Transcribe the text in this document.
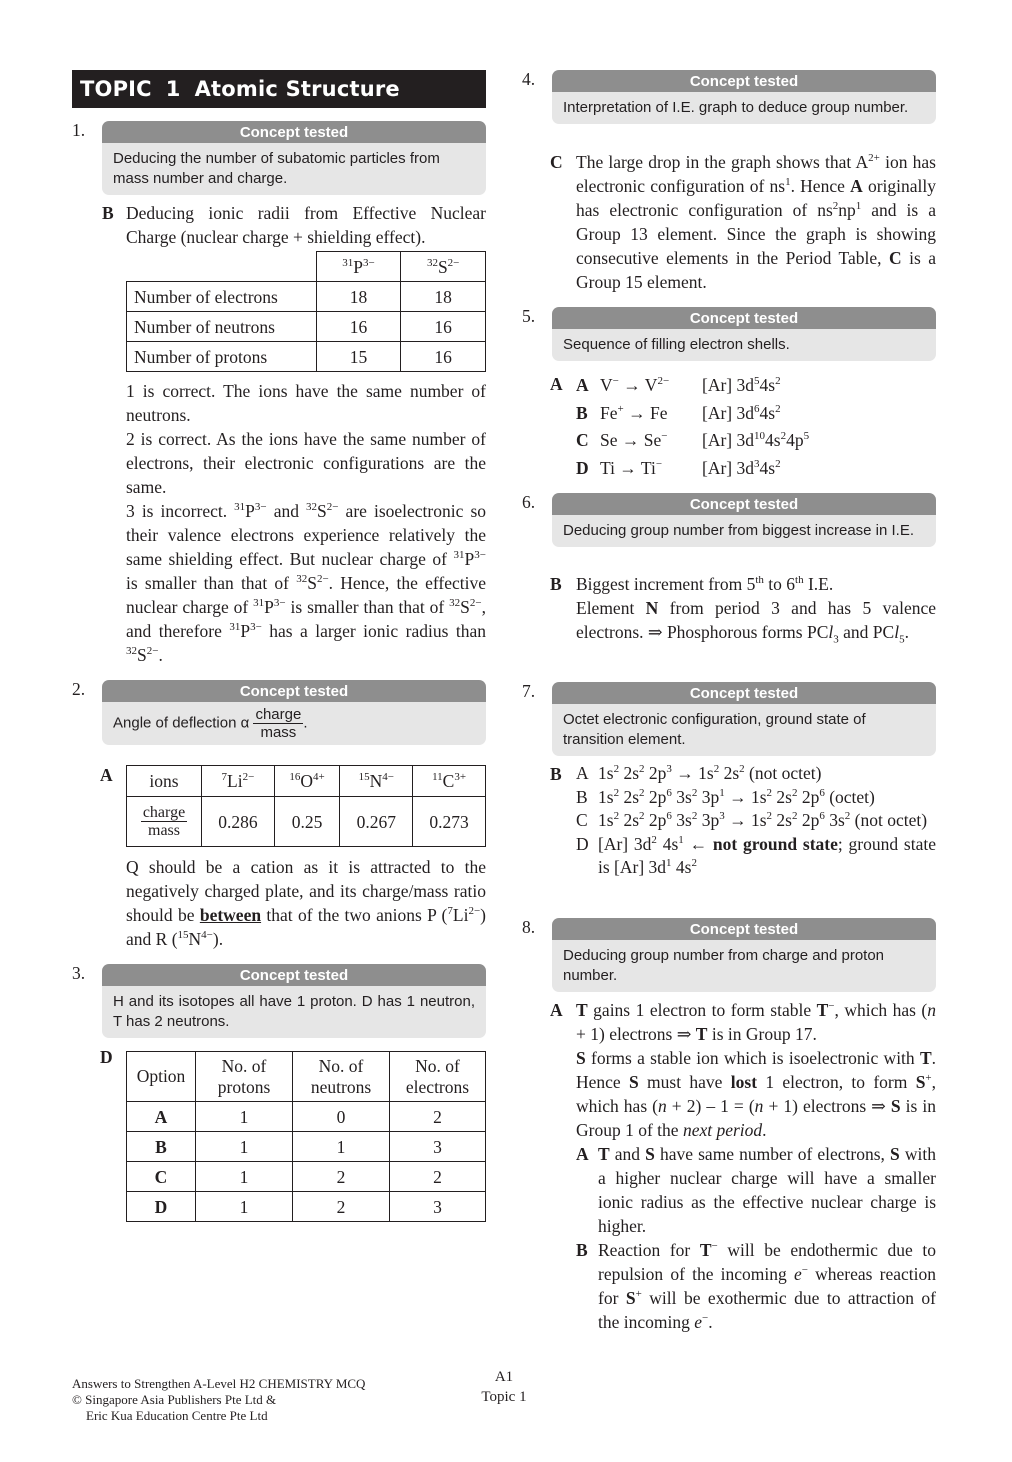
TOPIC 1 Atomic Structure
1.	Concept tested
Deducing the number of subatomic particles from mass number and charge.
B Deducing ionic radii from Effective Nuclear Charge (nuclear charge + shielding effect).

	$^{31}P^{3-}$	$^{32}S^{2-}$
Number of electrons	18	18
Number of neutrons	16	16
Number of protons	15	16

1 is correct. The ions have the same number of neutrons.

2 is correct. As the ions have the same number of electrons, their electronic configurations are the same.

3 is incorrect. $^{31}P^{3-}$ and $^{32}S^{2-}$ are isoelectronic so their valence electrons experience relatively the same shielding effect. But nuclear charge of $^{31}P^{3-}$ is smaller than that of $^{32}S^{2-}$. Hence, the effective nuclear charge of $^{31}P^{3-}$ is smaller than that of $^{32}S^{2-}$, and therefore $^{31}P^{3-}$ has a larger ionic radius than $^{32}S^{2-}$.

2.	Concept tested
Angle of deflection α $\frac{\text{charge}}{\text{mass}}$ .
A ions	$^7Li^{2-}$	$^{16}O^{4+}$	$^{15}N^{4-}$	$^{11}C^{3+}$

$\frac{\text{charge}}{\text{mass}}$	0.286	0.25	0.267	0.273

Q should be a cation as it is attracted to the negatively charged plate, and its charge/mass ratio should be between that of the two anions P $(^7Li^{2-})$ and R $(^{15}N^{4-})$.

3.	Concept tested
H and its isotopes all have 1 proton. D has 1 neutron, T has 2 neutrons.
D
Option	No. of protons	No. of neutrons	No. of electrons
A	1	0	2
B	1	1	3
C	1	2	2
D	1	2	3
4.	Concept tested
Interpretation of I.E. graph to deduce group number.
C The large drop in the graph shows that $A^{2+}$ ion has electronic configuration of $ns^1$. Hence A originally has electronic configuration of $ns^2np^1$ and is a Group 13 element. Since the graph is showing consecutive elements in the Period Table, C is a Group 15 element.

5.	Concept tested
Sequence of filling electron shells.
A A $V^- \to V^{2-}$	[Ar] $3d^54s^2$
B Fe+ → Fe	[Ar] $3d^64s^2$
C Se → Se−	[Ar] $3d^{10}4s^24p^5$
D Ti → Ti−	[Ar] $3d^34s^2$
6.	Concept tested
Deducing group number from biggest increase in I.E.
B Biggest increment from 5th to 6th I.E.

Element N from period 3 and has 5 valence electrons. ⇒ Phosphorous forms PCl$_3$ and PCl$_5$.

7.	Concept tested
Octet electronic configuration, ground state of transition element.
B A $1s^2$ $2s^2$ $2p^3 \to 1s^2$ $2s^2$ (not octet)
B $1s^2$ $2s^2$ $2p^6$ $3s^2$ $3p^1 \to 1s^2$ $2s^2$ $2p^6$ (octet)
C $1s^2$ $2s^2$ $2p^6$ $3s^2$ $3p^3 \to 1s^2$ $2s^2$ $2p^6$ $3s^2$ (not octet)
D [Ar] $3d^2$ $4s^1$ ← not ground state; ground state is [Ar] $3d^1$ $4s^2$
8.	Concept tested
Deducing group number from charge and proton number.
A T gains 1 electron to form stable T−, which has (n + 1) electrons ⇒ T is in Group 17.

S forms a stable ion which is isoelectronic with T. Hence S must have lost 1 electron, to form S+, which has (n + 2) – 1 = (n + 1) electrons ⇒ S is in Group 1 of the next period.

A T and S have same number of electrons, S with a higher nuclear charge will have a smaller ionic radius as the effective nuclear charge is higher.

B Reaction for T− will be endothermic due to repulsion of the incoming e− whereas reaction for S+ will be exothermic due to attraction of the incoming e−.

Answers to Strengthen A-Level H2 CHEMISTRY MCQ
© Singapore Asia Publishers Pte Ltd &
Eric Kua Education Centre Pte Ltd
A1
Topic 1
